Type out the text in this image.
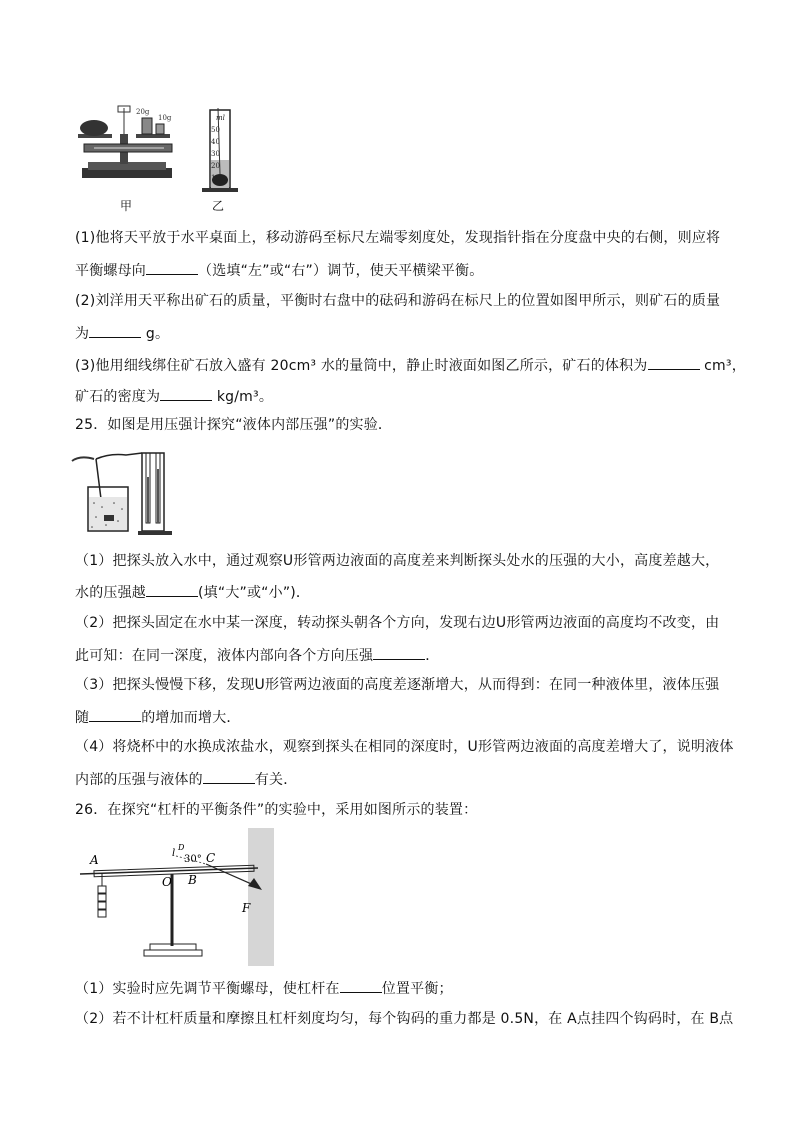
20g
10g
甲
ml
50
40
30
20
10
乙
(1)他将天平放于水平桌面上，移动游码至标尺左端零刻度处，发现指针指在分度盘中央的右侧，则应将
平衡螺母向	（选填“左”或“右”）调节，使天平横梁平衡。
(2)刘洋用天平称出矿石的质量，平衡时右盘中的砝码和游码在标尺上的位置如图甲所示，则矿石的质量
为	g。
(3)他用细线绑住矿石放入盛有 20cm³ 水的量筒中，静止时液面如图乙所示，矿石的体积为	cm³，
矿石的密度为	kg/m³。
25．如图是用压强计探究“液体内部压强”的实验．
（1）把探头放入水中，通过观察U形管两边液面的高度差来判断探头处水的压强的大小，高度差越大，
水的压强越	(填“大”或“小”)．
（2）把探头固定在水中某一深度，转动探头朝各个方向，发现右边U形管两边液面的高度均不改变，由
此可知：在同一深度，液体内部向各个方向压强	．
（3）把探头慢慢下移，发现U形管两边液面的高度差逐渐增大，从而得到：在同一种液体里，液体压强
随	的增加而增大．
（4）将烧杯中的水换成浓盐水，观察到探头在相同的深度时，U形管两边液面的高度差增大了，说明液体
内部的压强与液体的	有关．
26．在探究“杠杆的平衡条件”的实验中，采用如图所示的装置：
A
O B
C
F
l
D
30°
（1）实验时应先调节平衡螺母，使杠杆在	位置平衡；
（2）若不计杠杆质量和摩擦且杠杆刻度均匀，每个钩码的重力都是 0.5N，在 A点挂四个钩码时，在 B点
